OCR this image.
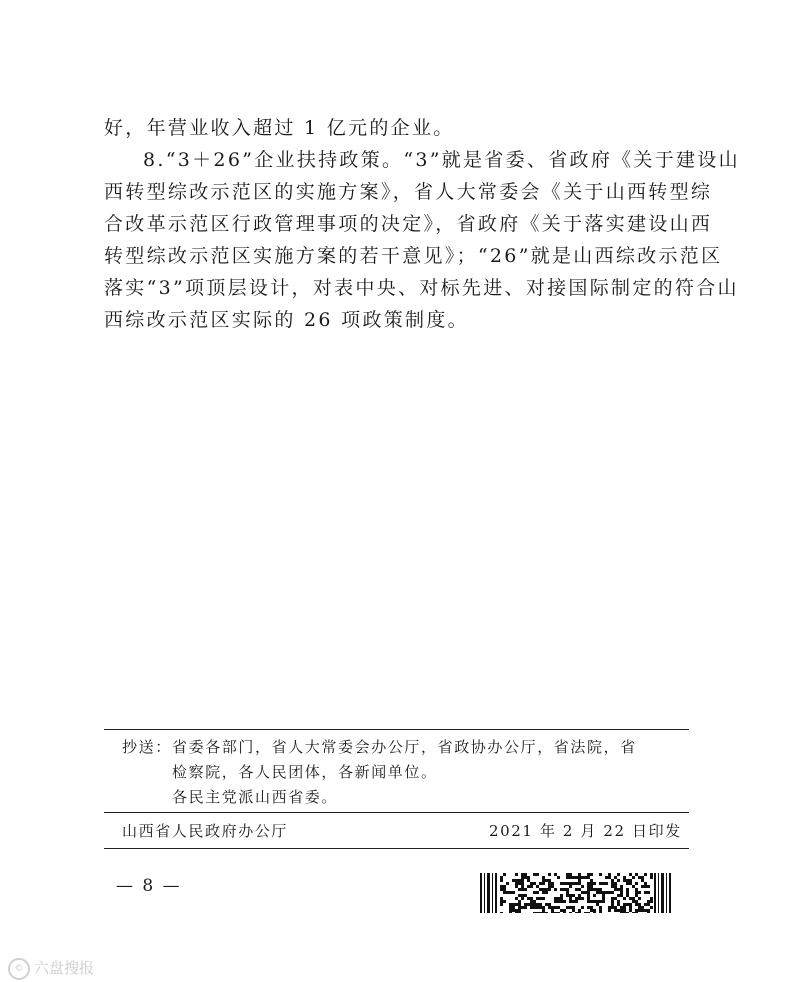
好，年营业收入超过 1 亿元的企业。

8.“3＋26”企业扶持政策。“3”就是省委、省政府《关于建设山

西转型综改示范区的实施方案》，省人大常委会《关于山西转型综

合改革示范区行政管理事项的决定》，省政府《关于落实建设山西

转型综改示范区实施方案的若干意见》；“26”就是山西综改示范区

落实“3”项顶层设计，对表中央、对标先进、对接国际制定的符合山

西综改示范区实际的 26 项政策制度。

抄送： 省委各部门，省人大常委会办公厅，省政协办公厅，省法院，省

检察院，各人民团体，各新闻单位。

各民主党派山西省委。

山西省人民政府办公厅	2021 年 2 月 22 日印发

— 8 —
© 六盘搜报
